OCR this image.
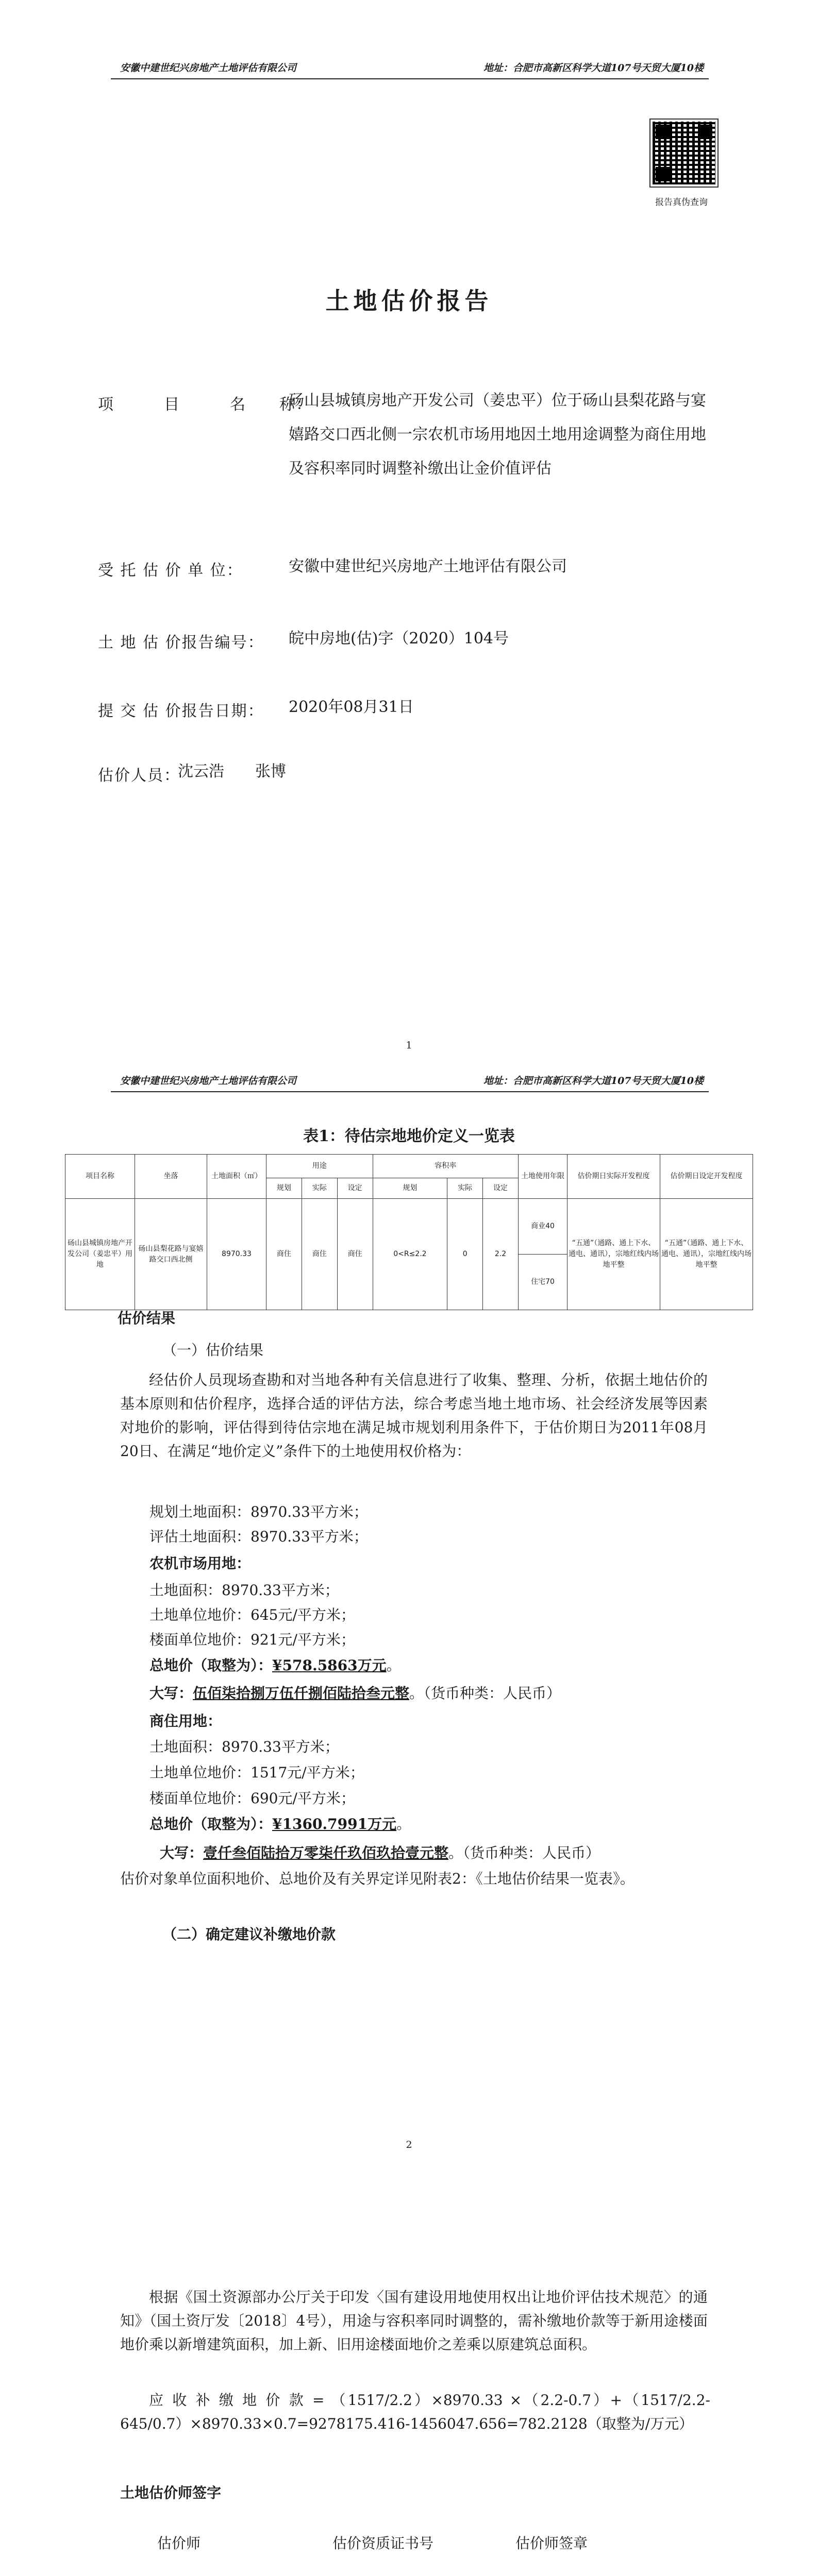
安徽中建世纪兴房地产土地评估有限公司	地址：合肥市高新区科学大道107号天贸大厦10楼
报告真伪查询
土地估价报告
项　　　目　　　名　　称：
砀山县城镇房地产开发公司（姜忠平）位于砀山县梨花路与宴嬉路交口西北侧一宗农机市场用地因土地用途调整为商住用地及容积率同时调整补缴出让金价值评估
受 托 估 价 单 位：	安徽中建世纪兴房地产土地评估有限公司
土 地 估 价报告编号： 皖中房地(估)字（2020）104号
提 交 估 价报告日期： 2020年08月31日
估价人员：
沈云浩　　张博
1
安徽中建世纪兴房地产土地评估有限公司	地址：合肥市高新区科学大道107号天贸大厦10楼
表1：待估宗地地价定义一览表
项目名称	坐落	土地面积（㎡）	用途			容积率			土地使用年限	估价期日实际开发程度	估价期日设定开发程度
			规划	实际	设定	规划	实际	设定			
砀山县城镇房地产开发公司（姜忠平）用地	砀山县梨花路与宴嬉路交口西北侧	8970.33	商住	商住	商住	0<R≤2.2	0	2.2	商业40	“五通”（通路、通上下水、通电、通讯），宗地红线内场地平整	“五通”（通路、通上下水、通电、通讯），宗地红线内场地平整
									住宅70		
估价结果
（一）估价结果
经估价人员现场查勘和对当地各种有关信息进行了收集、整理、分析，依据土地估价的基本原则和估价程序，选择合适的评估方法，综合考虑当地土地市场、社会经济发展等因素对地价的影响，评估得到待估宗地在满足城市规划利用条件下，于估价期日为2011年08月20日、在满足“地价定义”条件下的土地使用权价格为：
规划土地面积：8970.33平方米；
评估土地面积：8970.33平方米；
农机市场用地：
土地面积：8970.33平方米；
土地单位地价：645元/平方米；
楼面单位地价：921元/平方米；
总地价（取整为）：¥578.5863万元。
大写：伍佰柒拾捌万伍仟捌佰陆拾叁元整。（货币种类：人民币）
商住用地：
土地面积：8970.33平方米；
土地单位地价：1517元/平方米；
楼面单位地价：690元/平方米；
总地价（取整为）：¥1360.7991万元。
大写：壹仟叁佰陆拾万零柒仟玖佰玖拾壹元整。（货币种类：人民币）
估价对象单位面积地价、总地价及有关界定详见附表2：《土地估价结果一览表》。
（二）确定建议补缴地价款
2
根据《国土资源部办公厅关于印发〈国有建设用地使用权出让地价评估技术规范〉的通知》（国土资厅发〔2018〕4号），用途与容积率同时调整的，需补缴地价款等于新用途楼面地价乘以新增建筑面积，加上新、旧用途楼面地价之差乘以原建筑总面积。
应 收 补 缴 地 价 款 = （1517/2.2）×8970.33 ×（2.2-0.7）+（1517/2.2-645/0.7）×8970.33×0.7=9278175.416-1456047.656=782.2128（取整为/万元）
土地估价师签字
估价师	估价资质证书号	估价师签章
